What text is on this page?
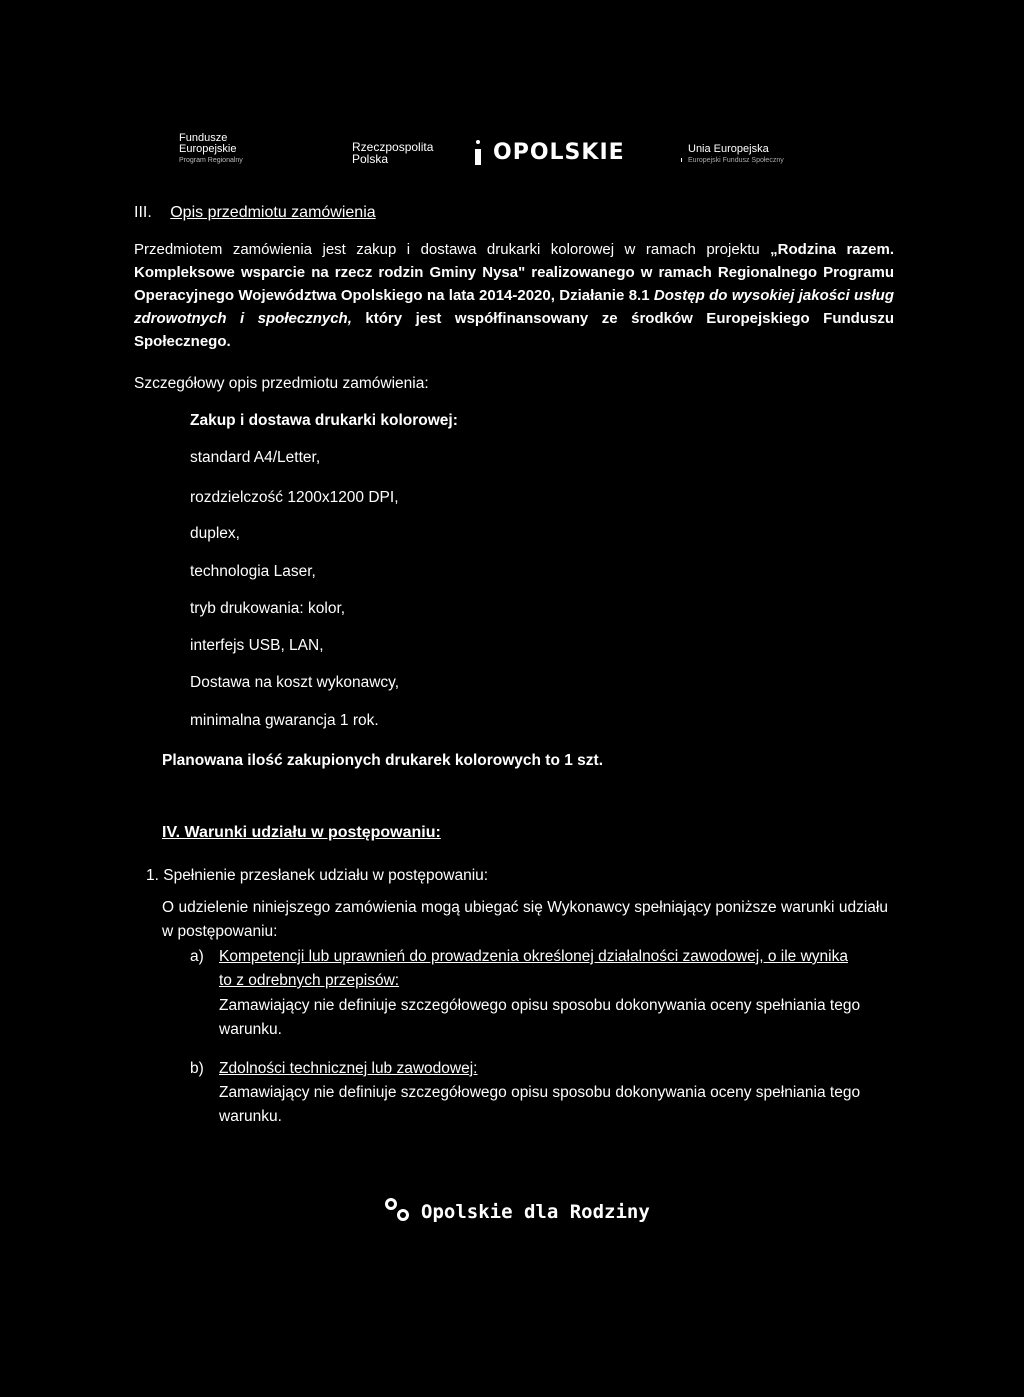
Fundusze
Europejskie
Program Regionalny
Rzeczpospolita
Polska	OPOLSKIE	Unia Europejska
Europejski Fundusz Społeczny
III. Opis przedmiotu zamówienia
Przedmiotem zamówienia jest zakup i dostawa drukarki kolorowej w ramach projektu „Rodzina razem. Kompleksowe wsparcie na rzecz rodzin Gminy Nysa" realizowanego w ramach Regionalnego Programu Operacyjnego Województwa Opolskiego na lata 2014-2020, Działanie 8.1 Dostęp do wysokiej jakości usług zdrowotnych i społecznych, który jest współfinansowany ze środków Europejskiego Funduszu Społecznego.
Szczegółowy opis przedmiotu zamówienia:
Zakup i dostawa drukarki kolorowej:
standard A4/Letter,
rozdzielczość 1200x1200 DPI,
duplex,
technologia Laser,
tryb drukowania: kolor,
interfejs USB, LAN,
Dostawa na koszt wykonawcy,
minimalna gwarancja 1 rok.
Planowana ilość zakupionych drukarek kolorowych to 1 szt.
IV. Warunki udziału w postępowaniu:
1. Spełnienie przesłanek udziału w postępowaniu:
O udzielenie niniejszego zamówienia mogą ubiegać się Wykonawcy spełniający poniższe warunki udziału w postępowaniu:
a) Kompetencji lub uprawnień do prowadzenia określonej działalności zawodowej, o ile wynika
to z odrebnych przepisów:
Zamawiający nie definiuje szczegółowego opisu sposobu dokonywania oceny spełniania tego
warunku.
b) Zdolności technicznej lub zawodowej:
Zamawiający nie definiuje szczegółowego opisu sposobu dokonywania oceny spełniania tego
warunku.
Opolskie dla Rodziny
